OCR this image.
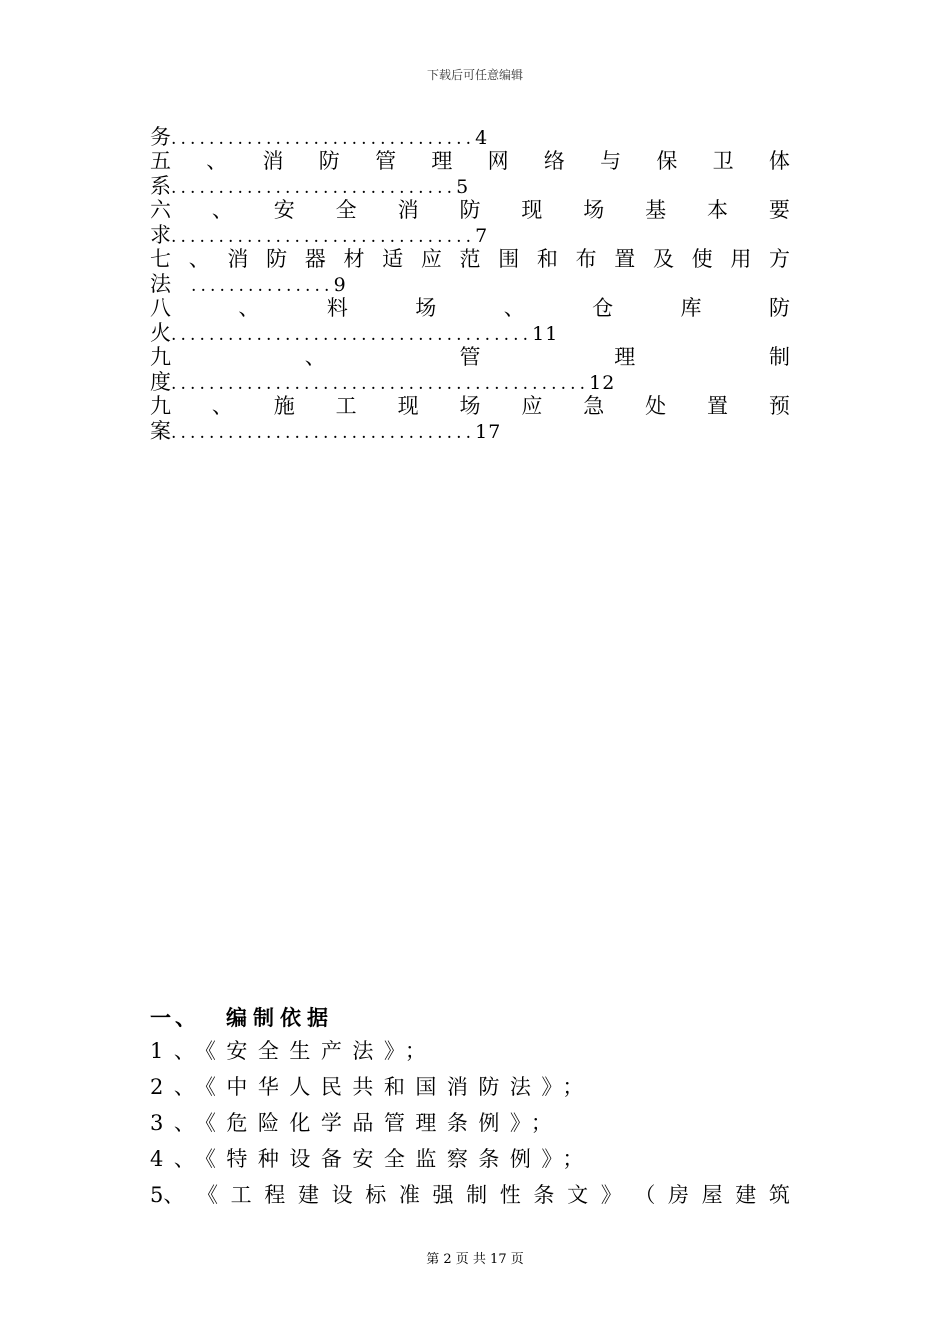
下载后可任意编辑
务................................4
五 、 消 防 管 理 网 络 与 保 卫 体
系..............................5
六 、 安 全 消 防 现 场 基 本 要
求................................7
七 、 消 防 器 材 适 应 范 围 和 布 置 及 使 用 方
法 ...............9
八	、	料	场	、	仓	库	防
火......................................11
九	、	管	理	制
度............................................12
九 、 施 工 现 场 应 急 处 置 预
案................................17
一、 编制依据
1、《安全生产法》；
2、《中华人民共和国消防法》；
3、《危险化学品管理条例》；
4、《特种设备安全监察条例》；
5、 《 工 程 建 设 标 准 强 制 性 条 文 》 （ 房 屋 建 筑
第 2 页 共 17 页
